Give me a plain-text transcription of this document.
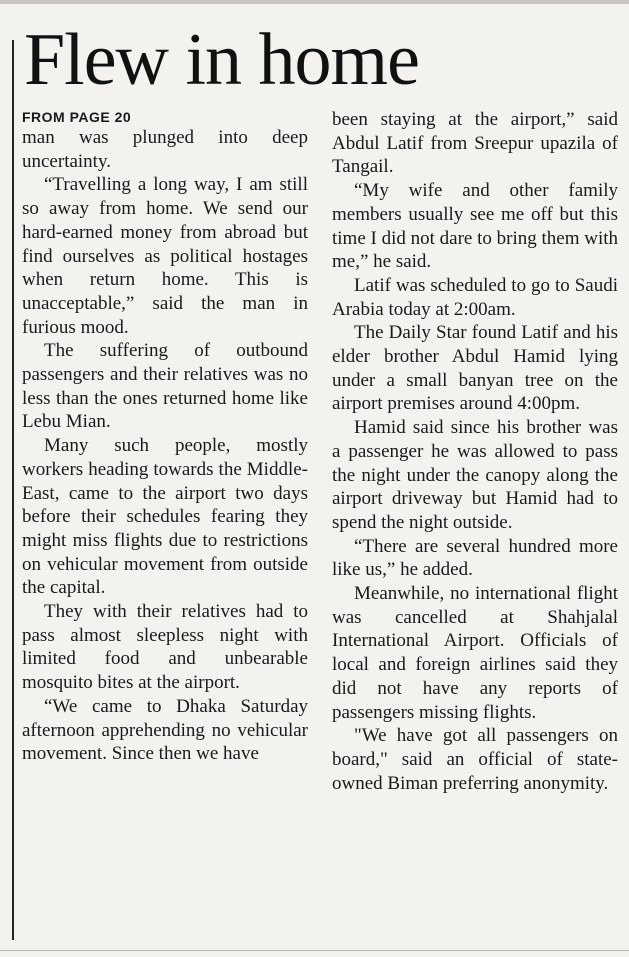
Flew in home
FROM PAGE 20

man was plunged into deep uncertainty.

“Travelling a long way, I am still so away from home. We send our hard-earned money from abroad but find ourselves as political hostages when return home. This is unacceptable,” said the man in furious mood.

The suffering of outbound passengers and their relatives was no less than the ones returned home like Lebu Mian.

Many such people, mostly workers heading towards the Middle-East, came to the airport two days before their schedules fearing they might miss flights due to restrictions on vehicular movement from outside the capital.

They with their relatives had to pass almost sleepless night with limited food and unbearable mosquito bites at the airport.

“We came to Dhaka Saturday afternoon apprehending no vehicular movement. Since then we have

been staying at the airport,” said Abdul Latif from Sreepur upazila of Tangail.

“My wife and other family members usually see me off but this time I did not dare to bring them with me,” he said.

Latif was scheduled to go to Saudi Arabia today at 2:00am.

The Daily Star found Latif and his elder brother Abdul Hamid lying under a small banyan tree on the airport premises around 4:00pm.

Hamid said since his brother was a passenger he was allowed to pass the night under the canopy along the airport driveway but Hamid had to spend the night outside.

“There are several hundred more like us,” he added.

Meanwhile, no international flight was cancelled at Shahjalal International Airport. Officials of local and foreign airlines said they did not have any reports of passengers missing flights.

"We have got all passengers on board," said an official of state-owned Biman preferring anonymity.
